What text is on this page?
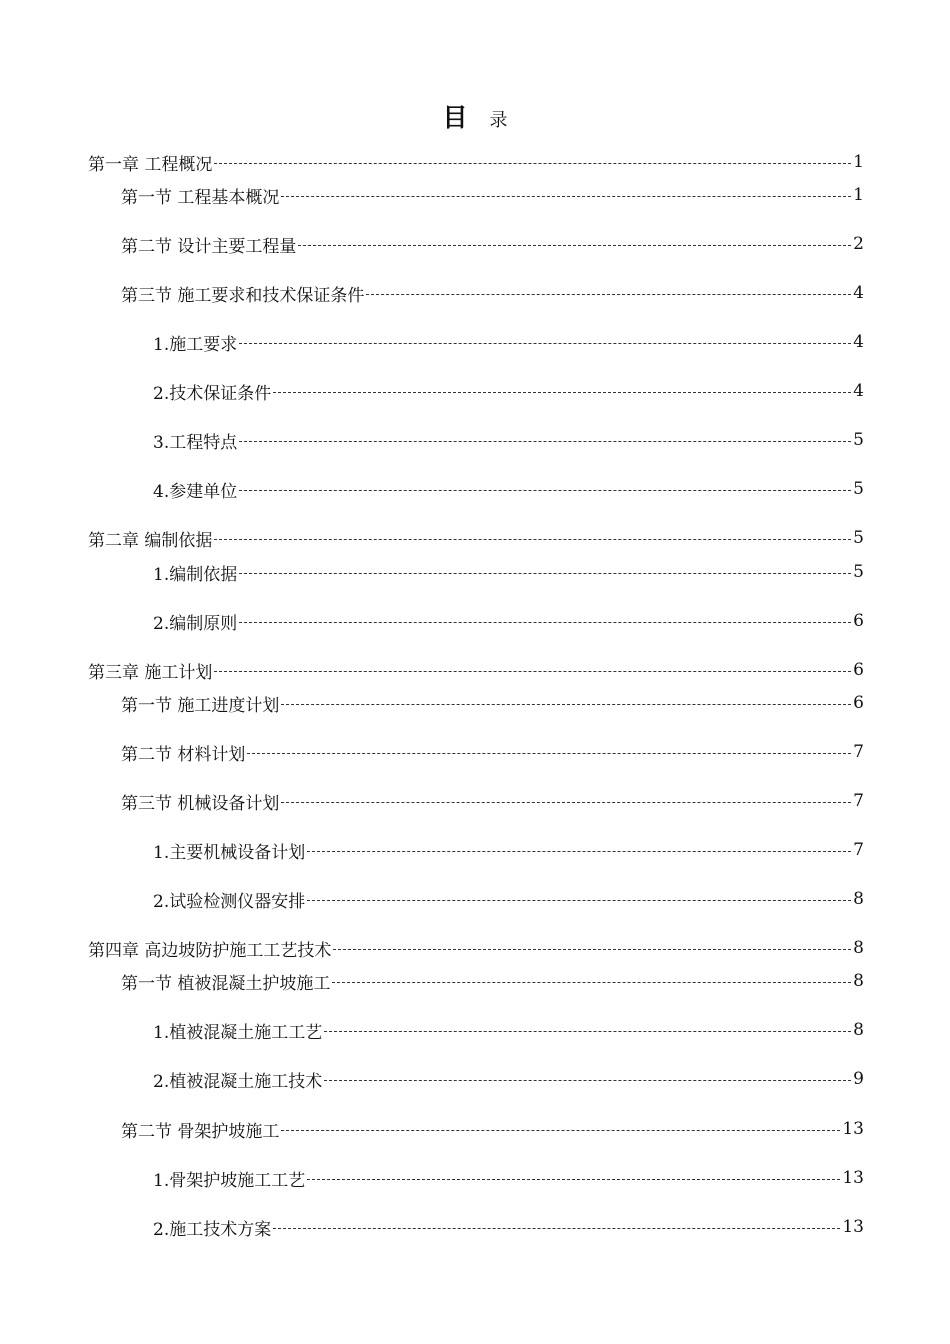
目 录
第一章 工程概况	1
第一节 工程基本概况	1
第二节 设计主要工程量	2
第三节 施工要求和技术保证条件	4
1.施工要求	4
2.技术保证条件	4
3.工程特点	5
4.参建单位	5
第二章 编制依据	5
1.编制依据	5
2.编制原则	6
第三章 施工计划	6
第一节 施工进度计划	6
第二节 材料计划	7
第三节 机械设备计划	7
1.主要机械设备计划	7
2.试验检测仪器安排	8
第四章 高边坡防护施工工艺技术	8
第一节 植被混凝土护坡施工	8
1.植被混凝土施工工艺	8
2.植被混凝土施工技术	9
第二节 骨架护坡施工	13
1.骨架护坡施工工艺	13
2.施工技术方案	13
